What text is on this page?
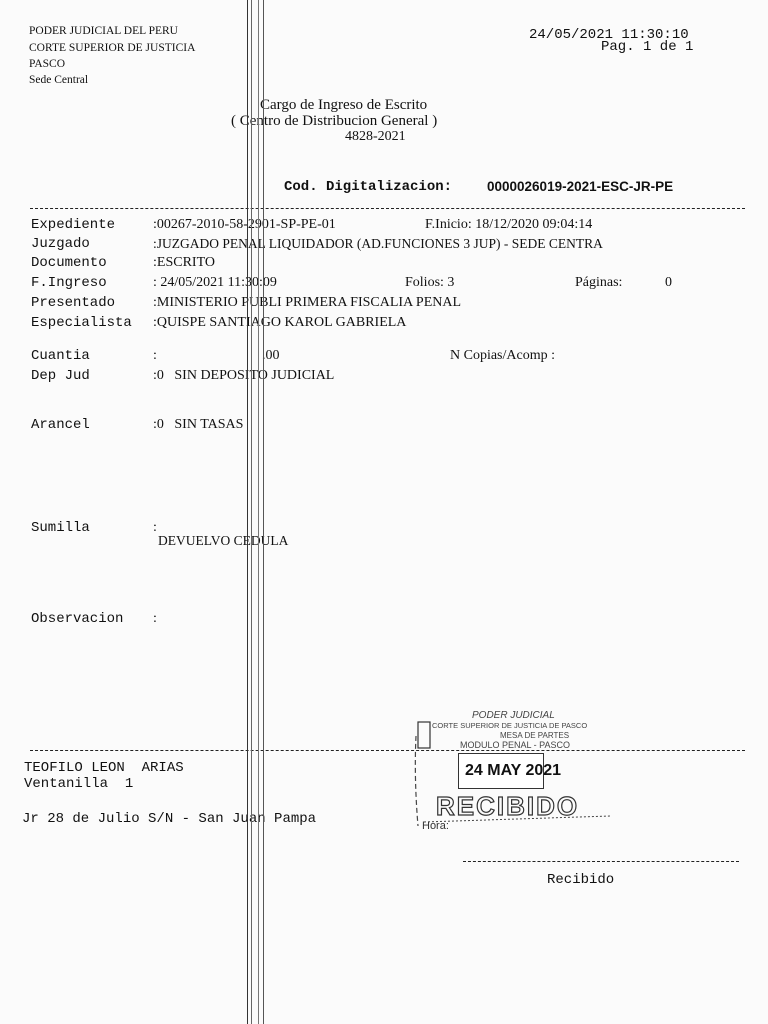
PODER JUDICIAL DEL PERU
CORTE SUPERIOR DE JUSTICIA
PASCO
Sede Central
24/05/2021 11:30:10
Pag. 1 de 1
Cargo de Ingreso de Escrito
( Centro de Distribucion General )
4828-2021
Cod. Digitalizacion:	0000026019-2021-ESC-JR-PE
Expediente	:00267-2010-58-2901-SP-PE-01	F.Inicio: 18/12/2020 09:04:14
Juzgado	:JUZGADO PENAL LIQUIDADOR (AD.FUNCIONES 3 JUP) - SEDE CENTRA
Documento	:ESCRITO
F.Ingreso	: 24/05/2021 11:30:09	Folios: 3	Páginas:	0
Presentado	:MINISTERIO PUBLI PRIMERA FISCALIA PENAL
Especialista :QUISPE SANTIAGO KAROL GABRIELA
Cuantia	:	.00	N Copias/Acomp :
Dep Jud	:0   SIN DEPOSITO JUDICIAL
Arancel	:0   SIN TASAS
Sumilla	:
DEVUELVO CEDULA
Observacion :
TEOFILO LEON  ARIAS
Ventanilla  1
Jr 28 de Julio S/N - San Juan Pampa
Recibido
PODER JUDICIAL
CORTE SUPERIOR DE JUSTICIA DE PASCO
MESA DE PARTES
MODULO PENAL - PASCO
24 MAY 2021
RECIBIDO
Hora:
